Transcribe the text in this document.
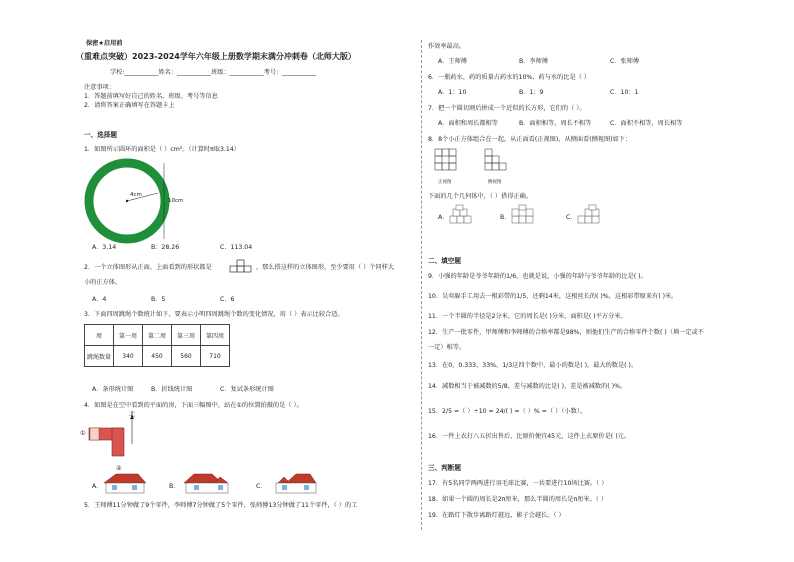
保密★启用前
（重难点突破）2023-2024学年六年级上册数学期末满分冲刺卷（北师大版）
学校:___________姓名：___________班级：___________考号：___________
注意事项：
1．答题前填写好自己的姓名、班级、考号等信息
2．请将答案正确填写在答题卡上
一、选择题
1．如图所示圆环的面积是（ ）cm²。（计算时π取3.14）
4cm
10cm
A．3.14	B．28.26	C．113.04
2．一个立体图形从正面、上面看到的形状都是	，那么搭这样的立体图形，至少要用（ ）个同样大
小的正方体。
A．4	B．5	C．6
3．下面四周跳绳个数统计如下。要表示小明四周跳绳个数的变化情况，用（ ）表示比较合适。
周	第一周	第二周	第三周	第四周
跳绳数量	340	450	560	710
A．条形统计图	B．折线统计图	C．复试条形统计图
4．如图是在空中看到的平面的房，下面三幅图中，站在①的位置拍摄的是（ ）。
北
①
②
A．	B．	C．
5．王师傅11分钟做了9个零件，李师傅7分钟做了5个零件，张师傅13分钟做了11个零件，（ ）的工
作效率最高。
A．王师傅	B．李师傅	C．张师傅
6．一瓶药水，药的质量占药水的10%，药与水的比是（ ）
A．1：10	B．1：9	C．10：1
7．把一个圆切割后拼成一个近似的长方形，它们的（ ）。
A．面积和周长都相等	B．面积相等，周长不相等	C．面积不相等，周长相等
8．8个小正方体组合在一起，从正面看(正视图)，从侧面看(侧视图)如下：
正视图	侧视图
下面的几个几何体中，（ ）搭得正确。
A．	B．	C．
二、填空题
9．小强的年龄是爷爷年龄的1/6，也就是说，小强的年龄与爷爷年龄的比是( )。
10．吴奕躲手工用去一根彩带的1/5，还剩14米，这根丝长的( )%，这根彩带原来有( )米。
11．一个半圆的半径是2分米，它的周长是( )分米，面积是( )平方分米。
12．生产一批零件，甲师傅和李师傅的合格率都是98%，则他们生产的合格零件个数( )（填一定或不
一定）相等。
13．在0，0.333，33%，1/3这四个数中，最小的数是( )，最大的数是( )。
14．减数相当于被减数的5/8，差与减数的比是( )，差是被减数的( )%。
15．2/5 =（ ）÷10 = 24/( ) =（ ）% =（ ）（小数）。
16．一件上衣打八五折出售后，比原价便宜45元，这件上衣原价是( )元。
三、判断题
17．有5名同学两两进行羽毛球比赛，一共要进行10场比赛。（ ）
18．如果一个圆的周长是2π厘米，那么半圆的周长是π厘米。（ ）
19．在路灯下散步离路灯越远，影子会越长。（ ）
